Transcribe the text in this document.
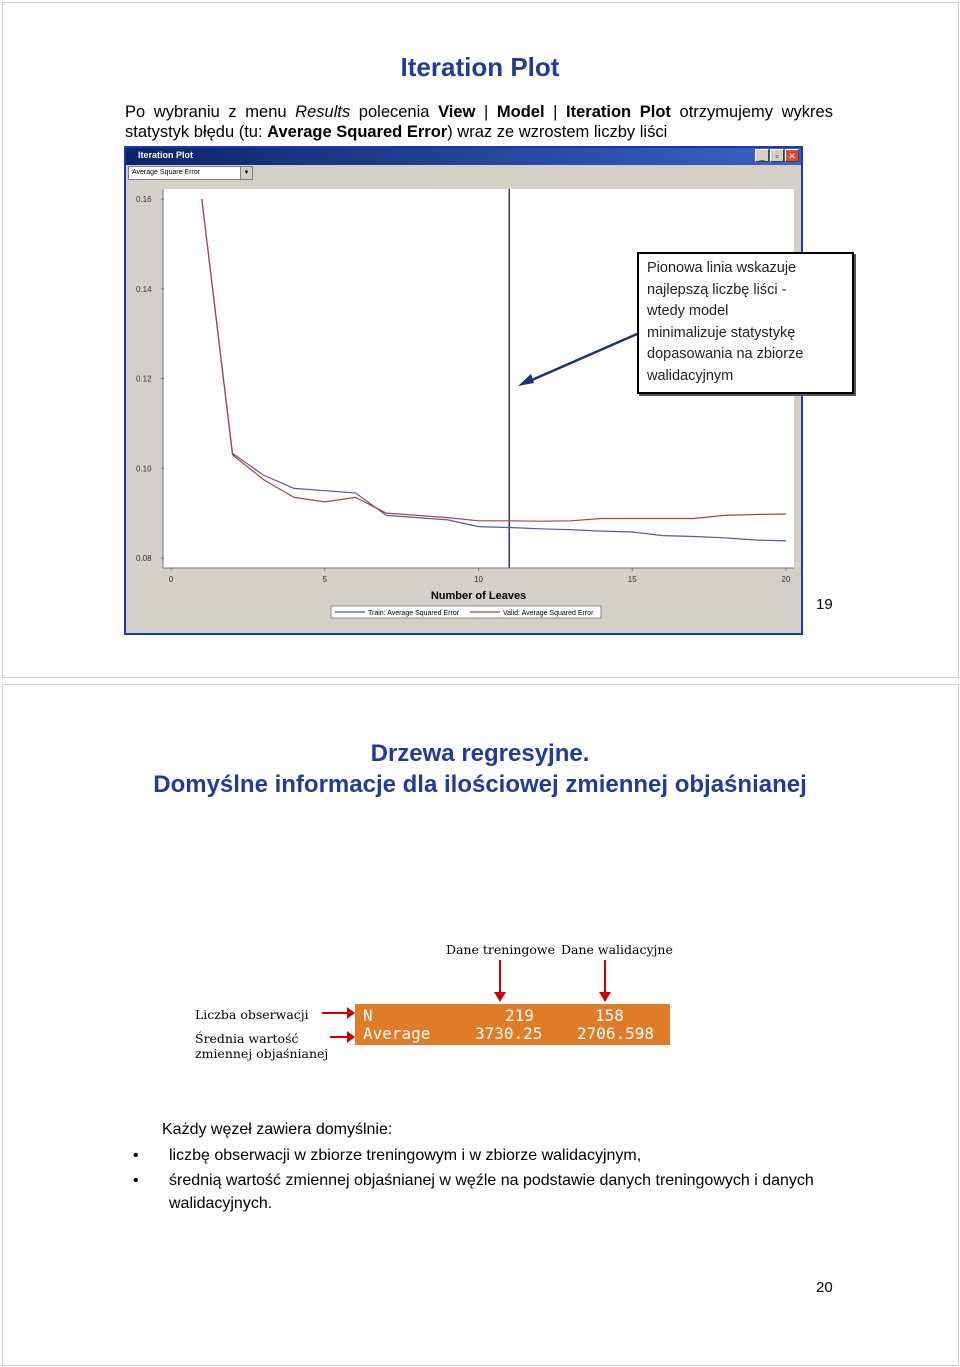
Iteration Plot
Po wybraniu z menu Results polecenia View | Model | Iteration Plot otrzymujemy wykres statystyk błędu (tu: Average Squared Error) wraz ze wzrostem liczby liści
Iteration Plot	_	▫	✕
Average Square Error	▼
0.16
0.14
0.12
0.10
0.08
0	5	10	15	20
Number of Leaves
Train: Average Squared Error	Valid: Average Squared Error

Pionowa linia wskazuje
najlepszą liczbę liści -
wtedy model
minimalizuje statystykę
dopasowania na zbiorze
walidacyjnym

19
Drzewa regresyjne.
Domyślne informacje dla ilościowej zmiennej objaśnianej
Dane treningowe Dane walidacyjne
Liczba obserwacji
Średnia wartość
zmiennej objaśnianej
N	219	158
Average	3730.25 2706.598
Każdy węzeł zawiera domyślnie:
• liczbę obserwacji w zbiorze treningowym i w zbiorze walidacyjnym,
• średnią wartość zmiennej objaśnianej w węźle na podstawie danych treningowych i danych walidacyjnych.
20
